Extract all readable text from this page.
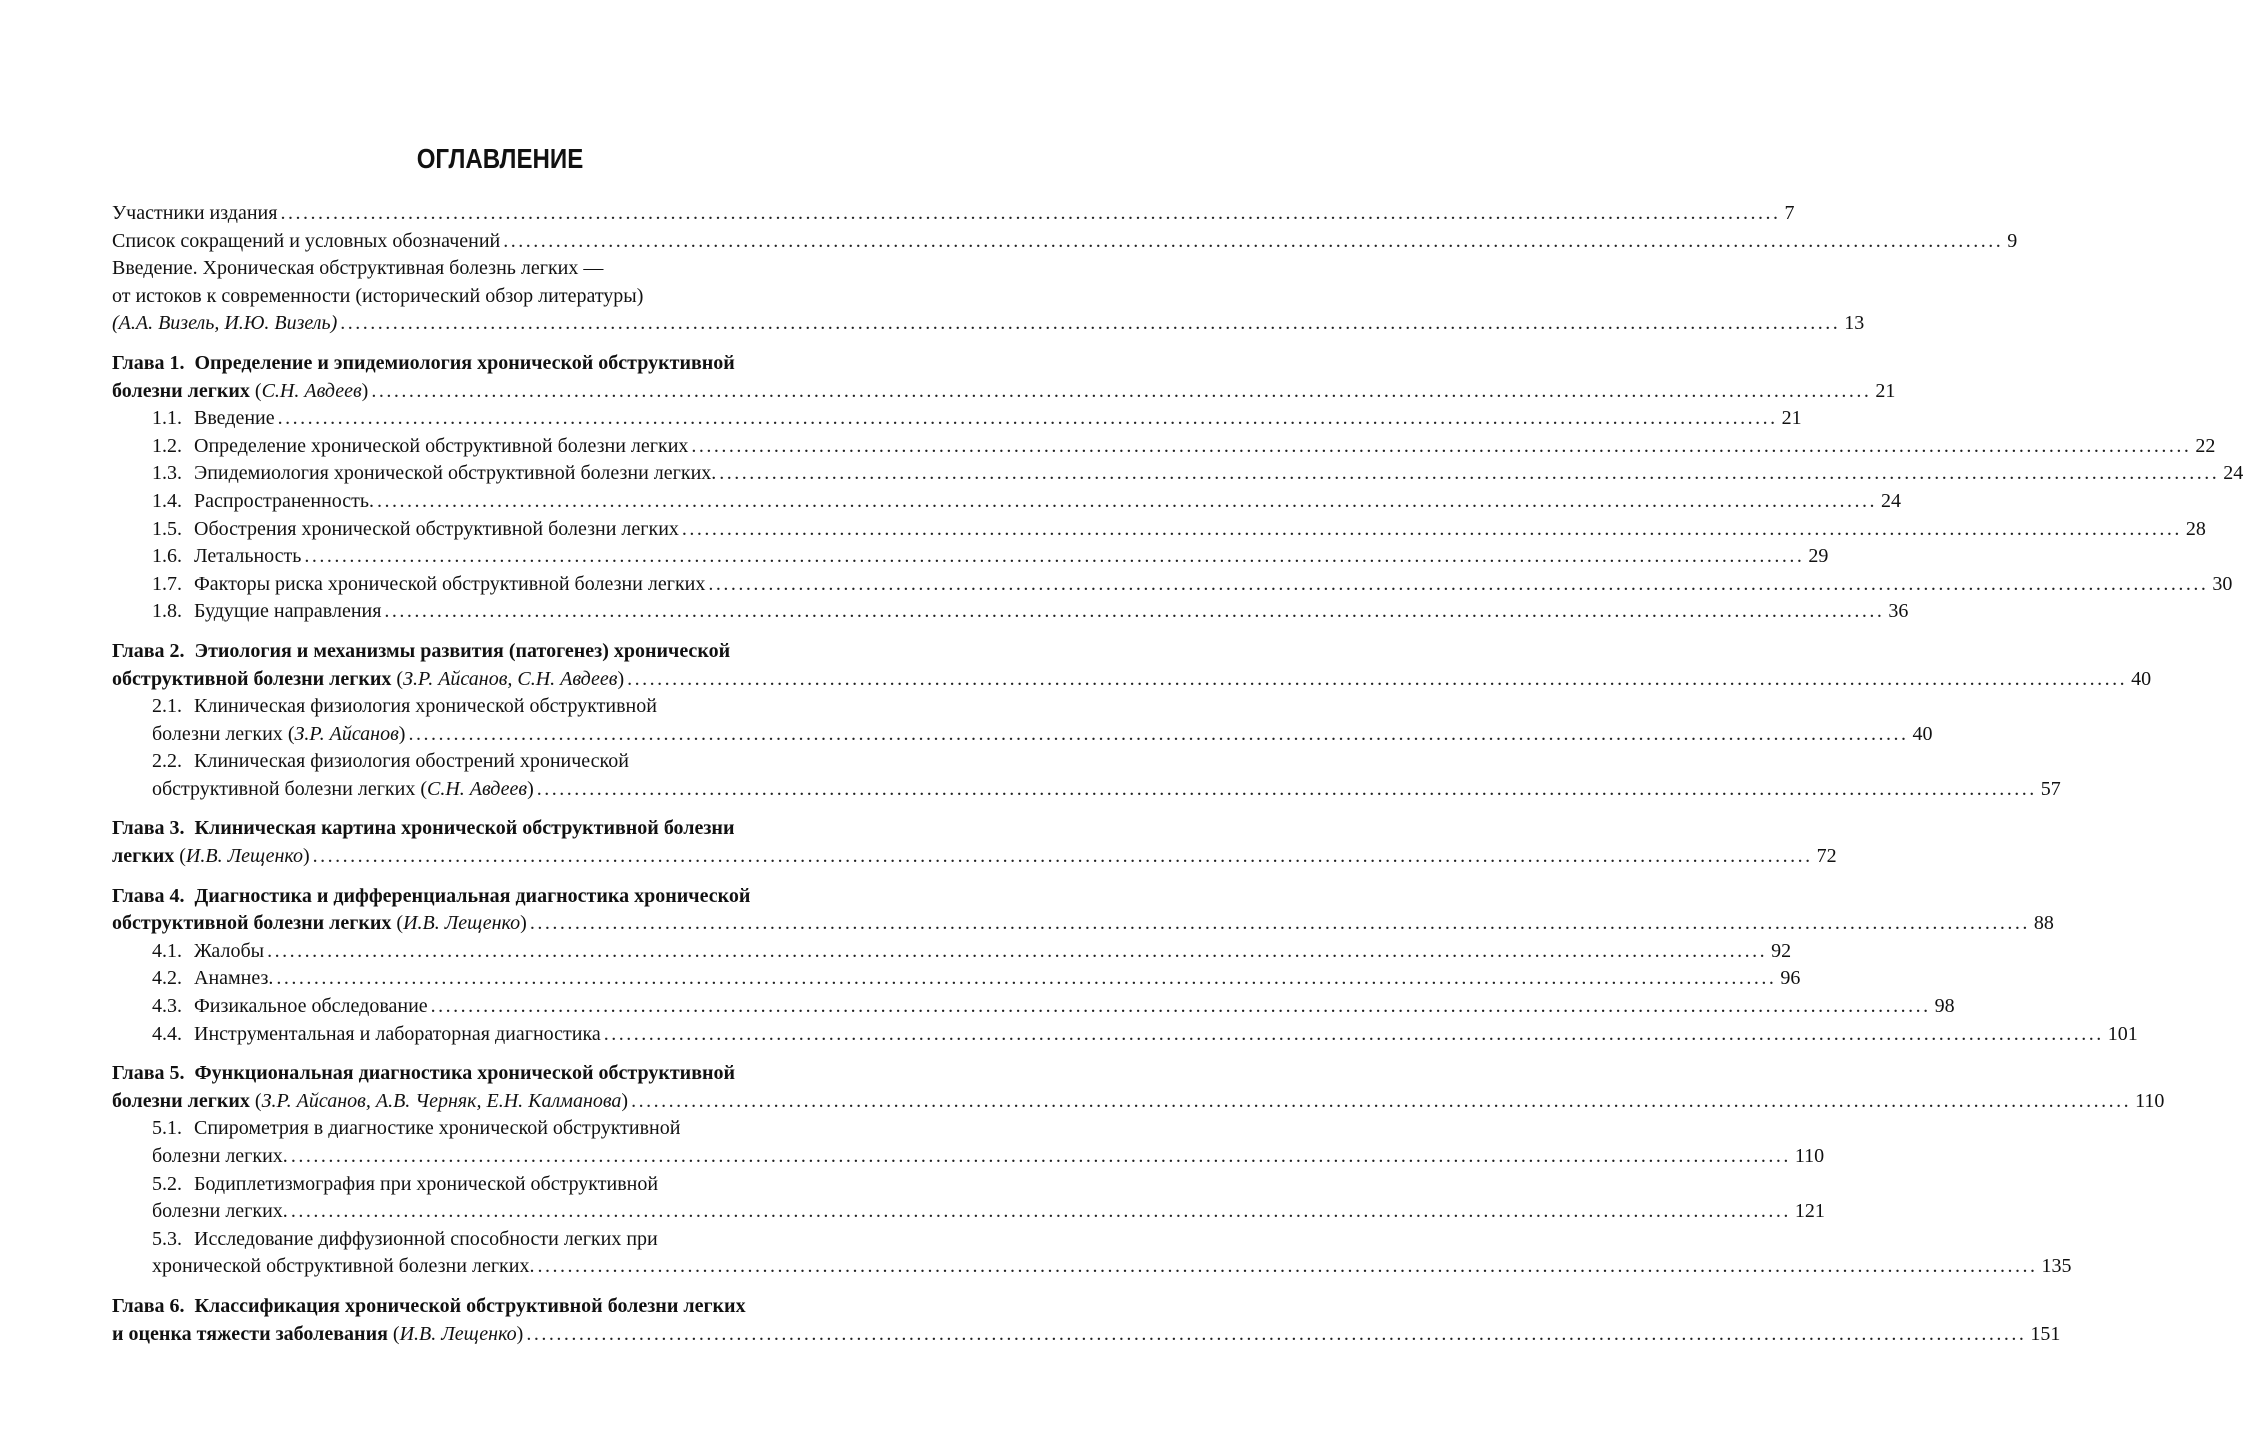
ОГЛАВЛЕНИЕ
Участники издания ........................................................................................................................................................................................................ 7
Список сокращений и условных обозначений ........................................................................................................................................................................................................ 9
Введение. Хроническая обструктивная болезнь легких —
от истоков к современности (исторический обзор литературы)
(А.А. Визель, И.Ю. Визель) ........................................................................................................................................................................................................ 13
Глава 1. Определение и эпидемиология хронической обструктивной
болезни легких (С.Н. Авдеев) ........................................................................................................................................................................................................ 21
1.1. Введение ........................................................................................................................................................................................................ 21
1.2. Определение хронической обструктивной болезни легких ........................................................................................................................................................................................................ 22
1.3. Эпидемиология хронической обструктивной болезни легких. ........................................................................................................................................................................................................ 24
1.4. Распространенность. ........................................................................................................................................................................................................ 24
1.5. Обострения хронической обструктивной болезни легких ........................................................................................................................................................................................................ 28
1.6. Летальность ........................................................................................................................................................................................................ 29
1.7. Факторы риска хронической обструктивной болезни легких ........................................................................................................................................................................................................ 30
1.8. Будущие направления ........................................................................................................................................................................................................ 36
Глава 2. Этиология и механизмы развития (патогенез) хронической
обструктивной болезни легких (З.Р. Айсанов, С.Н. Авдеев) ........................................................................................................................................................................................................ 40
2.1. Клиническая физиология хронической обструктивной
болезни легких (З.Р. Айсанов) ........................................................................................................................................................................................................ 40
2.2. Клиническая физиология обострений хронической
обструктивной болезни легких (С.Н. Авдеев) ........................................................................................................................................................................................................ 57
Глава 3. Клиническая картина хронической обструктивной болезни
легких (И.В. Лещенко) ........................................................................................................................................................................................................ 72
Глава 4. Диагностика и дифференциальная диагностика хронической
обструктивной болезни легких (И.В. Лещенко) ........................................................................................................................................................................................................ 88
4.1. Жалобы ........................................................................................................................................................................................................ 92
4.2. Анамнез. ........................................................................................................................................................................................................ 96
4.3. Физикальное обследование ........................................................................................................................................................................................................ 98
4.4. Инструментальная и лабораторная диагностика ........................................................................................................................................................................................................ 101
Глава 5. Функциональная диагностика хронической обструктивной
болезни легких (З.Р. Айсанов, А.В. Черняк, Е.Н. Калманова) ........................................................................................................................................................................................................ 110
5.1. Спирометрия в диагностике хронической обструктивной
болезни легких. ........................................................................................................................................................................................................ 110
5.2. Бодиплетизмография при хронической обструктивной
болезни легких. ........................................................................................................................................................................................................ 121
5.3. Исследование диффузионной способности легких при
хронической обструктивной болезни легких. ........................................................................................................................................................................................................ 135
Глава 6. Классификация хронической обструктивной болезни легких
и оценка тяжести заболевания (И.В. Лещенко) ........................................................................................................................................................................................................ 151
